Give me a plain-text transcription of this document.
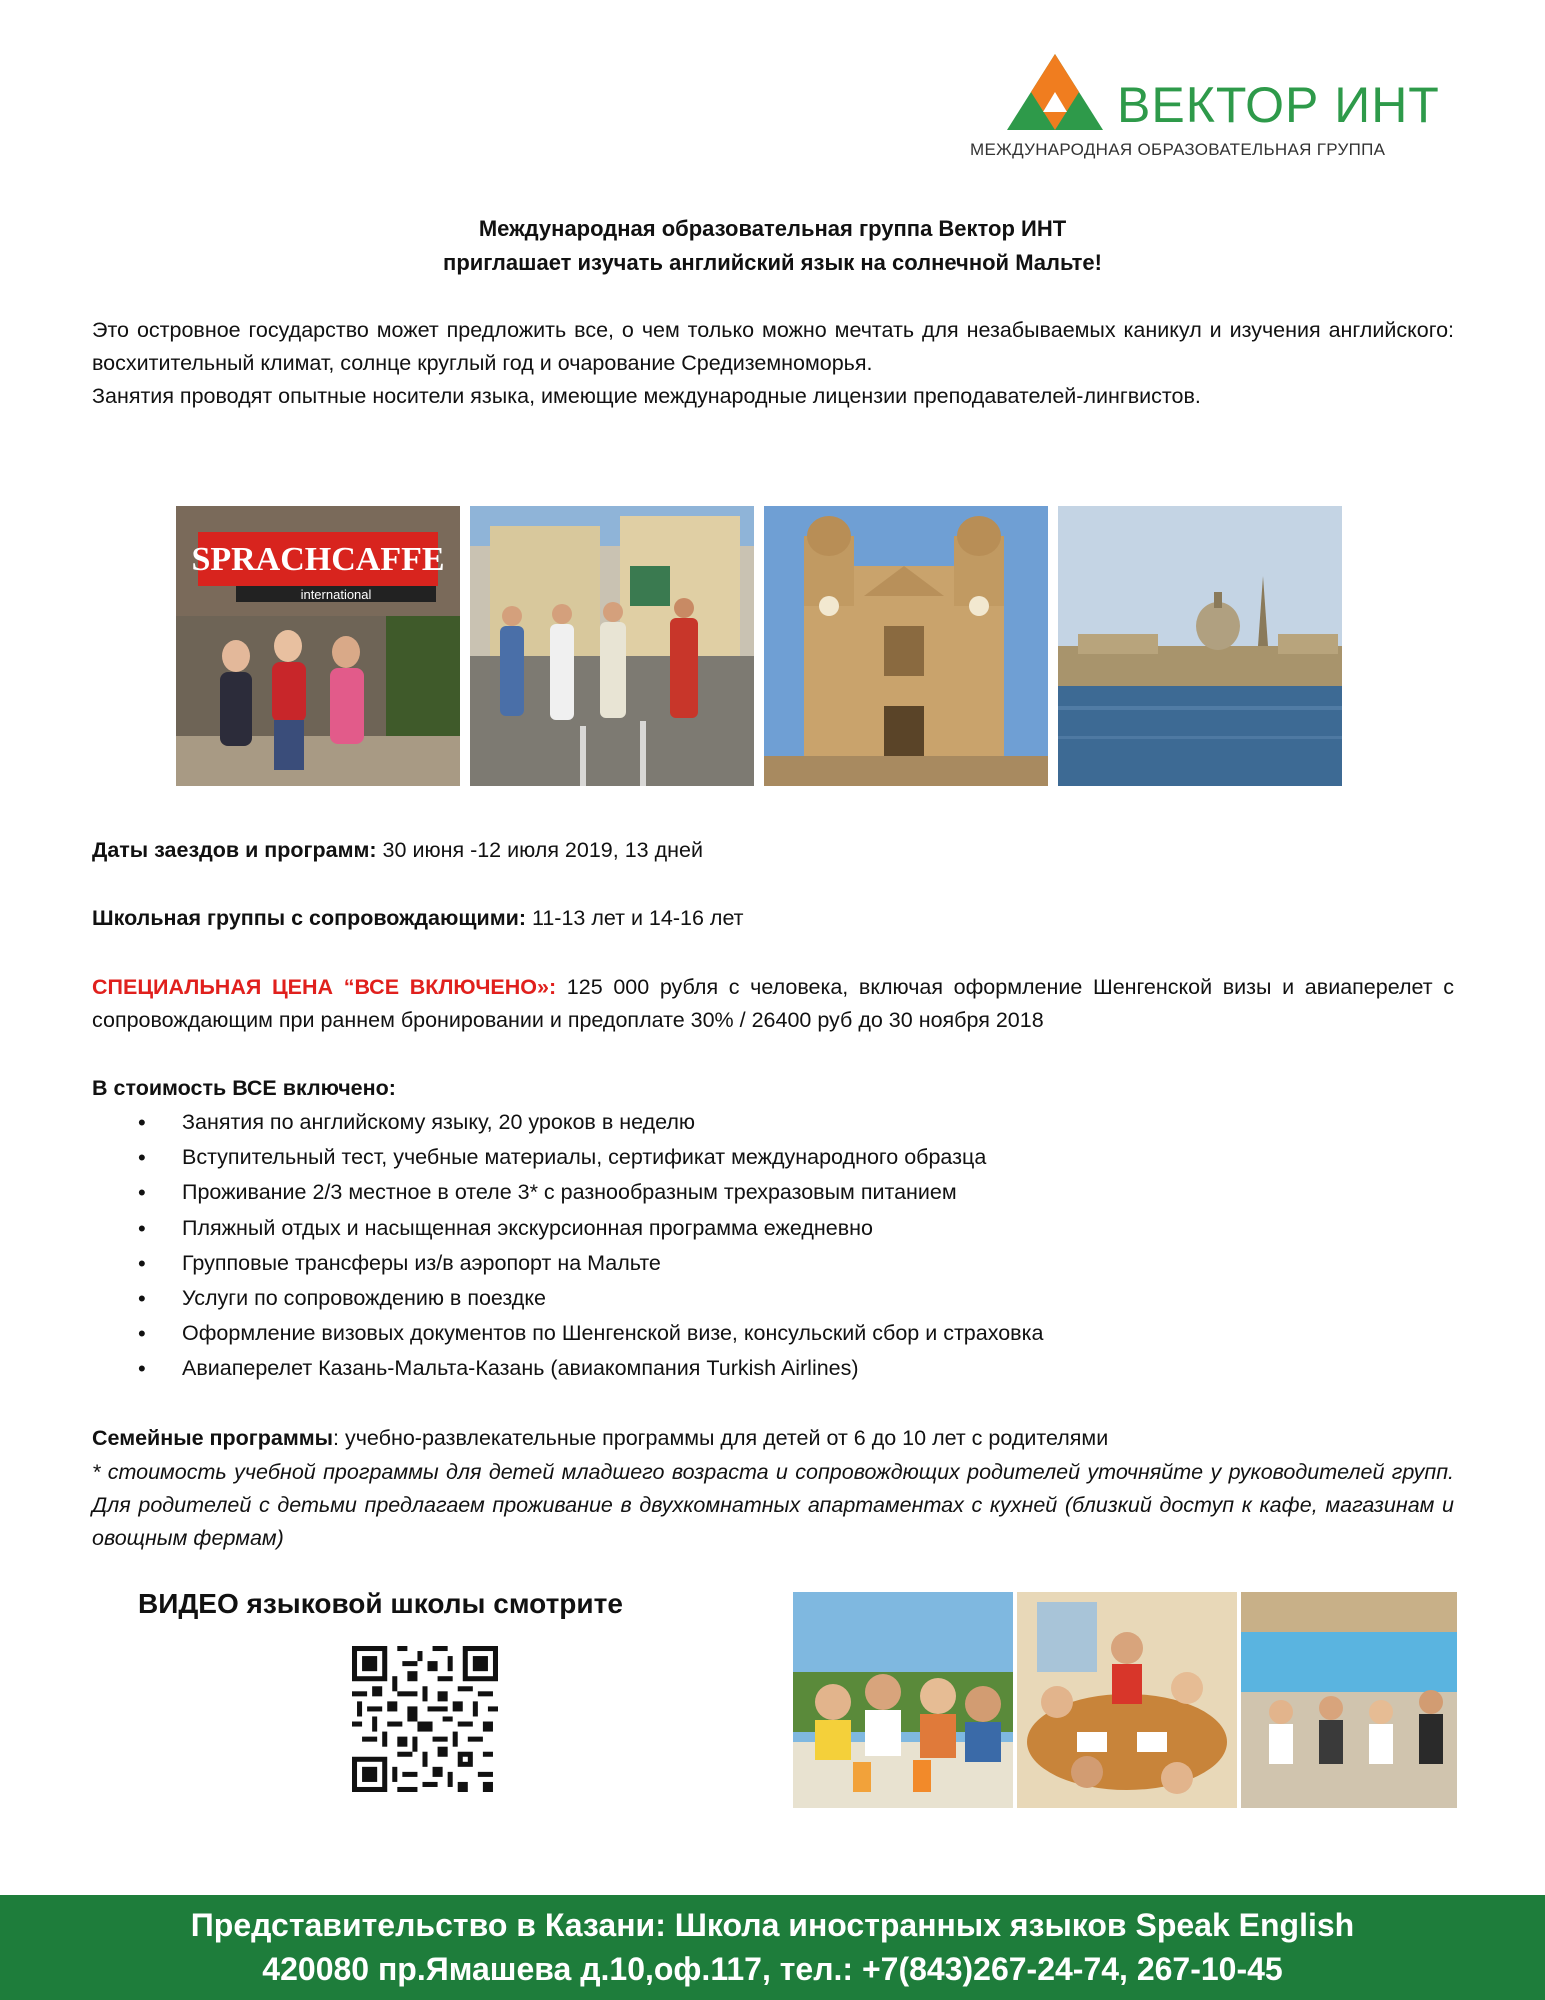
ВЕКТОР ИНТ
МЕЖДУНАРОДНАЯ ОБРАЗОВАТЕЛЬНАЯ ГРУППА
Международная образовательная группа Вектор ИНТ
приглашает изучать английский язык на солнечной Мальте!

Это островное государство может предложить все, о чем только можно мечтать для незабываемых каникул и изучения английского: восхитительный климат, солнце круглый год и очарование Средиземноморья.

Занятия проводят опытные носители языка, имеющие международные лицензии преподавателей-лингвистов.

SPRACHCAFFE
international
Даты заездов и программ: 30 июня -12 июля 2019, 13 дней
Школьная группы с сопровождающими: 11-13 лет и 14-16 лет
СПЕЦИАЛЬНАЯ ЦЕНА “ВСЕ ВКЛЮЧЕНО»: 125 000 рубля с человека, включая оформление Шенгенской визы и авиаперелет с сопровождающим при раннем бронировании и предоплате 30% / 26400 руб до 30 ноября 2018
В стоимость ВСЕ включено:
• Занятия по английскому языку, 20 уроков в неделю
• Вступительный тест, учебные материалы, сертификат международного образца
• Проживание 2/3 местное в отеле 3* с разнообразным трехразовым питанием
• Пляжный отдых и насыщенная экскурсионная программа ежедневно
• Групповые трансферы из/в аэропорт на Мальте
• Услуги по сопровождению в поездке
• Оформление визовых документов по Шенгенской визе, консульский сбор и страховка
• Авиаперелет Казань-Мальта-Казань (авиакомпания Turkish Airlines)
Семейные программы: учебно-развлекательные программы для детей от 6 до 10 лет с родителями
* стоимость учебной программы для детей младшего возраста и сопровождющих родителей уточняйте у руководителей групп. Для родителей с детьми предлагаем проживание в двухкомнатных апартаментах с кухней (близкий доступ к кафе, магазинам и овощным фермам)
ВИДЕО языковой школы смотрите
Представительство в Казани: Школа иностранных языков Speak English
420080 пр.Ямашева д.10,оф.117, тел.: +7(843)267-24-74, 267-10-45
